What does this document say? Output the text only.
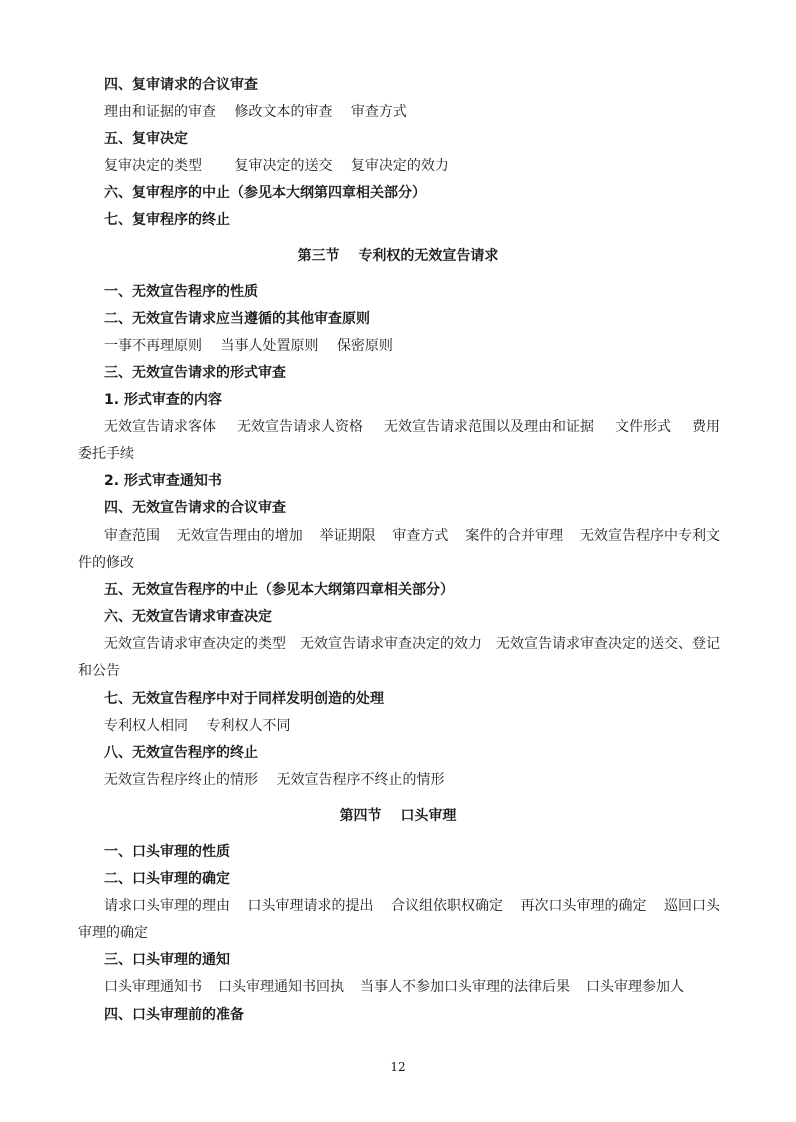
四、复审请求的合议审查
理由和证据的审查 修改文本的审查 审查方式
五、复审决定
复审决定的类型 复审决定的送交 复审决定的效力
六、复审程序的中止（参见本大纲第四章相关部分）
七、复审程序的终止
第三节 专利权的无效宣告请求
一、无效宣告程序的性质
二、无效宣告请求应当遵循的其他审查原则
一事不再理原则 当事人处置原则 保密原则
三、无效宣告请求的形式审查
1. 形式审查的内容
无效宣告请求客体 无效宣告请求人资格 无效宣告请求范围以及理由和证据 文件形式 费用
委托手续
2. 形式审查通知书
四、无效宣告请求的合议审查
审查范围 无效宣告理由的增加 举证期限 审查方式 案件的合并审理 无效宣告程序中专利文
件的修改
五、无效宣告程序的中止（参见本大纲第四章相关部分）
六、无效宣告请求审查决定
无效宣告请求审查决定的类型 无效宣告请求审查决定的效力 无效宣告请求审查决定的送交、登记
和公告
七、无效宣告程序中对于同样发明创造的处理
专利权人相同 专利权人不同
八、无效宣告程序的终止
无效宣告程序终止的情形 无效宣告程序不终止的情形
第四节 口头审理
一、口头审理的性质
二、口头审理的确定
请求口头审理的理由 口头审理请求的提出 合议组依职权确定 再次口头审理的确定 巡回口头
审理的确定
三、口头审理的通知
口头审理通知书 口头审理通知书回执 当事人不参加口头审理的法律后果 口头审理参加人
四、口头审理前的准备
12
